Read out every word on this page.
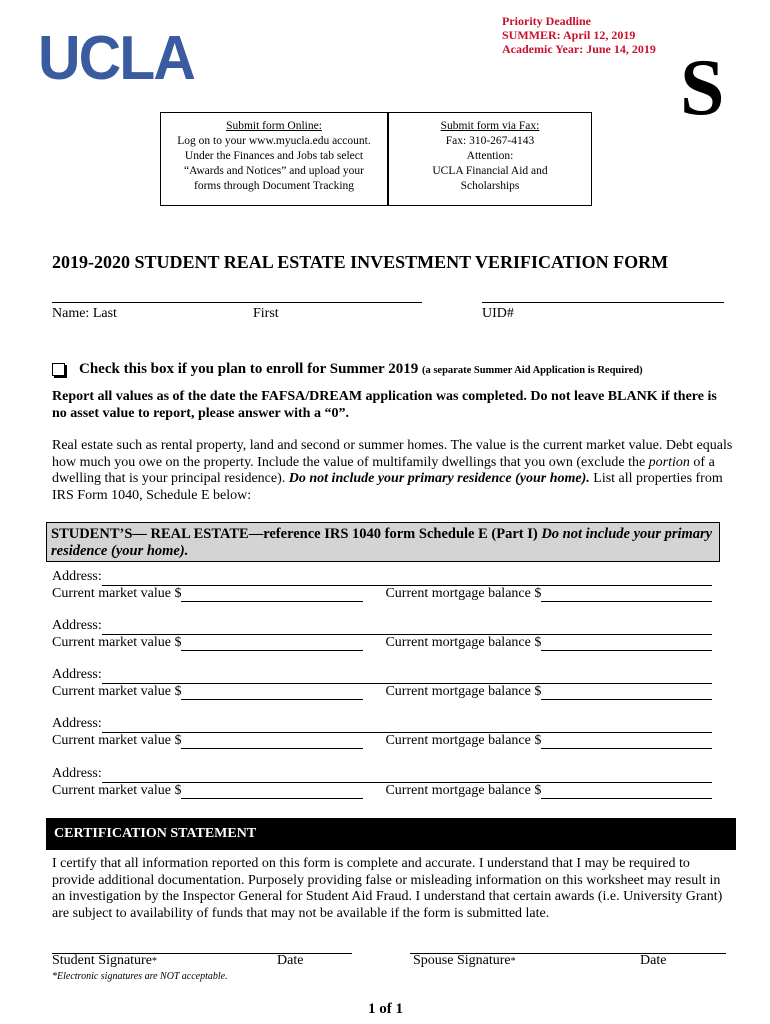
UCLA
Priority Deadline
SUMMER: April 12, 2019
Academic Year: June 14, 2019 S
Submit form Online:
Log on to your www.myucla.edu account.
Under the Finances and Jobs tab select
“Awards and Notices” and upload your
forms through Document Tracking
Submit form via Fax:
Fax: 310-267-4143
Attention:
UCLA Financial Aid and
Scholarships
2019-2020 STUDENT REAL ESTATE INVESTMENT VERIFICATION FORM
Name: Last	First	UID#
Check this box if you plan to enroll for Summer 2019 (a separate Summer Aid Application is Required)
Report all values as of the date the FAFSA/DREAM application was completed. Do not leave BLANK if there is no asset value to report, please answer with a “0”.
Real estate such as rental property, land and second or summer homes. The value is the current market value. Debt equals how much you owe on the property. Include the value of multifamily dwellings that you own (exclude the portion of a dwelling that is your principal residence). Do not include your primary residence (your home). List all properties from IRS Form 1040, Schedule E below:
STUDENT’S— REAL ESTATE—reference IRS 1040 form Schedule E (Part I) Do not include your primary residence (your home).
Address:
Current market value $	Current mortgage balance $
Address:
Current market value $	Current mortgage balance $
Address:
Current market value $	Current mortgage balance $
Address:
Current market value $	Current mortgage balance $
Address:
Current market value $	Current mortgage balance $
CERTIFICATION STATEMENT
I certify that all information reported on this form is complete and accurate. I understand that I may be required to provide additional documentation. Purposely providing false or misleading information on this worksheet may result in an investigation by the Inspector General for Student Aid Fraud. I understand that certain awards (i.e. University Grant) are subject to availability of funds that may not be available if the form is submitted late.
Student Signature*	Date	Spouse Signature*	Date
*Electronic signatures are NOT acceptable.
1 of 1
